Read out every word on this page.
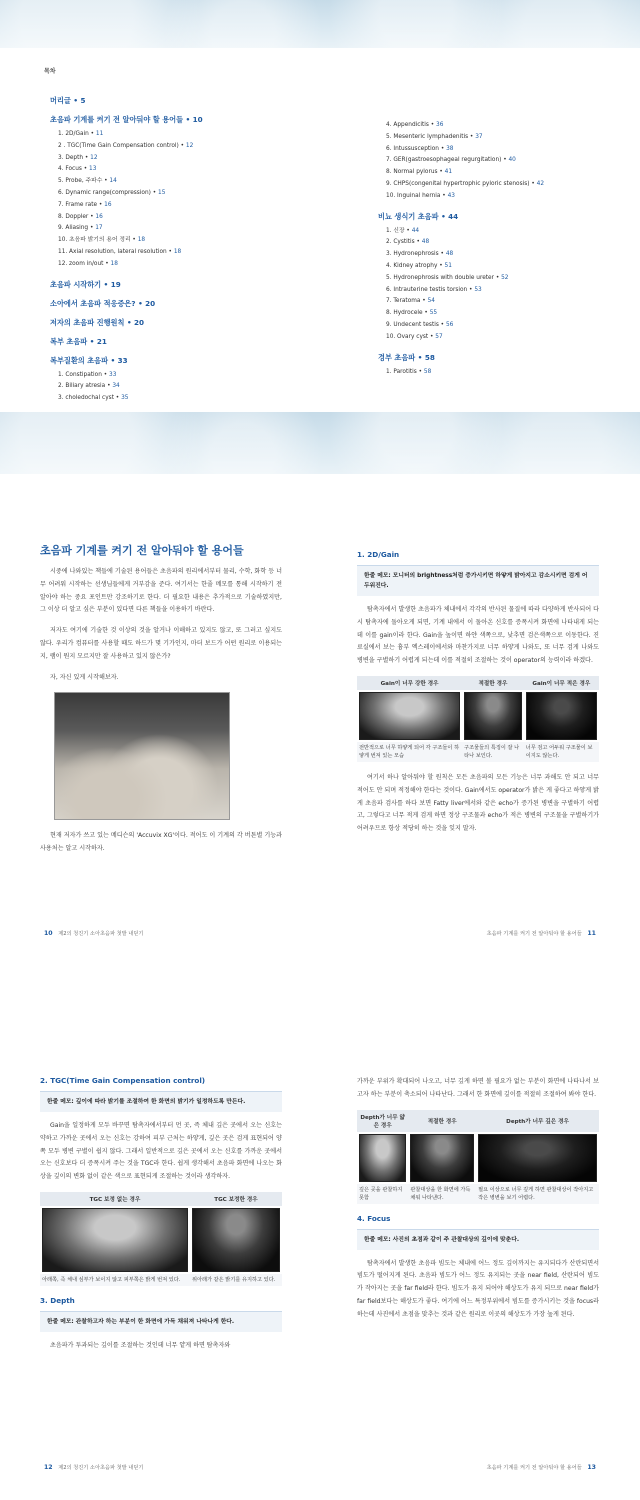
목차
머리글 • 5
초음파 기계를 켜기 전 알아둬야 할 용어들 • 10
1. 2D/Gain • 11
2 . TGC(Time Gain Compensation control) • 12
3. Depth • 12
4. Focus • 13
5. Probe, 주파수 • 14
6. Dynamic range(compression) • 15
7. Frame rate • 16
8. Doppler • 16
9. Aliasing • 17
10. 초음파 밝기의 용어 정리 • 18
11. Axial resolution, lateral resolution • 18
12. zoom in/out • 18
초음파 시작하기 • 19
소아에서 초음파 적응증은? • 20
저자의 초음파 진행원칙 • 20
복부 초음파 • 21
복부질환의 초음파 • 33
1. Constipation • 33
2. Biliary atresia • 34
3. choledochal cyst • 35
4. Appendicitis • 36
5. Mesenteric lymphadenitis • 37
6. Intussusception • 38
7. GER(gastroesophageal regurgitation) • 40
8. Normal pylorus • 41
9. CHPS(congenital hypertrophic pyloric stenosis) • 42
10. Inguinal hernia • 43
비뇨 생식기 초음파 • 44
1. 신장 • 44
2. Cystitis • 48
3. Hydronephrosis • 48
4. Kidney atrophy • 51
5. Hydronephrosis with double ureter • 52
6. Intrauterine testis torsion • 53
7. Teratoma • 54
8. Hydrocele • 55
9. Undecent testis • 56
10. Ovary cyst • 57
경부 초음파 • 58
1. Parotitis • 58
초음파 기계를 켜기 전 알아둬야 할 용어들
시중에 나와있는 책들에 기술된 용어들은 초음파의 원리에서부터 물리, 수학, 화학 등 너무 어려워 시작하는 선생님들에게 거부감을 준다. 여기서는 한줄 메모를 통해 시작하기 전 알아야 하는 중요 포인트만 강조하기로 한다. 더 필요한 내용은 추가적으로 기술하였지만, 그 이상 더 알고 싶은 부분이 있다면 다른 책들을 이용하기 바란다.
저자도 여기에 기술한 것 이상의 것을 알거나 이해하고 있지도 않고, 또 그러고 싶지도 않다. 우리가 컴퓨터를 사용할 때도 하드가 몇 기가인지, 마더 보드가 어떤 원리로 이용되는지, 램이 뭔지 모르지만 잘 사용하고 있지 않은가?
자, 자신 있게 시작해보자.
현재 저자가 쓰고 있는 메디슨의 'Accuvix XG'이다. 적어도 이 기계의 각 버튼별 기능과 사용처는 알고 시작하자.
1. 2D/Gain
한줄 메모: 모니터의 brightness처럼 증가시키면 하얗게 밝아지고 감소시키면 검게 어두워진다.
탐촉자에서 발생한 초음파가 체내에서 각각의 반사된 물질에 따라 다양하게 반사되어 다시 탐촉자에 돌아오게 되면, 기계 내에서 이 돌아온 신호를 증폭시켜 화면에 나타내게 되는데 이를 gain이라 한다. Gain을 높이면 하얀 색쪽으로, 낮추면 검은색쪽으로 이동한다. 진료실에서 보는 흉부 엑스레이에서와 마찬가지로 너무 하얗게 나와도, 또 너무 검게 나와도 병변을 구별하기 어렵게 되는데 이를 적절히 조절하는 것이 operator의 능력이라 하겠다.
Gain이 너무 강한 경우	적절한 경우	Gain이 너무 적은 경우

전반적으로 너무 하얗게 되어 각 구조들이 하얗게 번져 있는 모습	구조물들의 특징이 잘 나타나 보인다.	너무 검고 어두워 구조물이 보이지도 않는다.
여기서 하나 알아둬야 할 원칙은 모든 초음파의 모든 기능은 너무 과해도 안 되고 너무 적어도 안 되며 적정해야 한다는 것이다. Gain에서도 operator가 밝은 게 좋다고 하얗게 밝게 초음파 검사를 하다 보면 Fatty liver에서와 같은 echo가 증가된 병변을 구별하기 어렵고, 그렇다고 너무 적게 검게 하면 정상 구조물과 echo가 적은 병변의 구조물을 구별하기가 어려우므로 항상 적당히 하는 것을 잊지 말자.
10 제2의 청진기 소아초음파 첫발 내딛기	초음파 기계를 켜기 전 알아둬야 할 용어들 11
2. TGC(Time Gain Compensation control)
한줄 메모: 깊이에 따라 밝기를 조절하여 한 화면의 밝기가 일정하도록 만든다.
Gain을 일정하게 모두 바꾸면 탐촉자에서부터 먼 곳, 즉 체내 깊은 곳에서 오는 신호는 약하고 가까운 곳에서 오는 신호는 강하여 피부 근처는 하얗게, 깊은 곳은 검게 표현되어 양쪽 모두 병변 구별이 쉽지 않다. 그래서 일반적으로 깊은 곳에서 오는 신호를 가까운 곳에서 오는 신호보다 더 증폭시켜 주는 것을 TGC라 한다. 쉽게 생각해서 초음파 화면에 나오는 화상을 깊이의 변화 없이 같은 색으로 표현되게 조절하는 것이라 생각하자.
TGC 보정 없는 경우	TGC 보정한 경우

아래쪽, 즉 체내 심부가 보이지 않고 피부쪽은 밝게 번져 있다.	위아래가 같은 밝기를 유지하고 있다.
3. Depth
한줄 메모: 관찰하고자 하는 부분이 한 화면에 가득 채워져 나타나게 한다.
초음파가 투과되는 깊이를 조절하는 것인데 너무 얕게 하면 탐촉자와
가까운 부위가 확대되어 나오고, 너무 깊게 하면 볼 필요가 없는 부분이 화면에 나타나서 보고자 하는 부분이 축소되어 나타난다. 그래서 한 화면에 깊이를 적절히 조절하여 봐야 한다.
Depth가 너무 얇은 경우	적절한 경우	Depth가 너무 깊은 경우

깊은 곳을 관찰하지 못함	관찰대상을 한 화면에 가득 채워 나타낸다.	필요 이상으로 너무 깊게 하면 관찰대상이 작아지고 작은 병변을 보기 어렵다.
4. Focus
한줄 메모: 사진의 초점과 같이 주 관찰대상의 깊이에 맞춘다.
탐촉자에서 발생한 초음파 빔도는 체내에 어느 정도 깊이까지는 유지되다가 산란되면서 빔도가 떨어지게 된다. 초음파 빔도가 어느 정도 유지되는 곳을 near field, 산란되어 빔도가 작아지는 곳을 far field라 한다. 빔도가 유지 되어야 해상도가 유지 되므로 near field가 far field보다는 해상도가 좋다. 여기에 어느 특정부위에서 빔도를 증가시키는 것을 focus라 하는데 사진에서 초점을 맞추는 것과 같은 원리로 이곳의 해상도가 가장 높게 된다.
12 제2의 청진기 소아초음파 첫발 내딛기	초음파 기계를 켜기 전 알아둬야 할 용어들 13
